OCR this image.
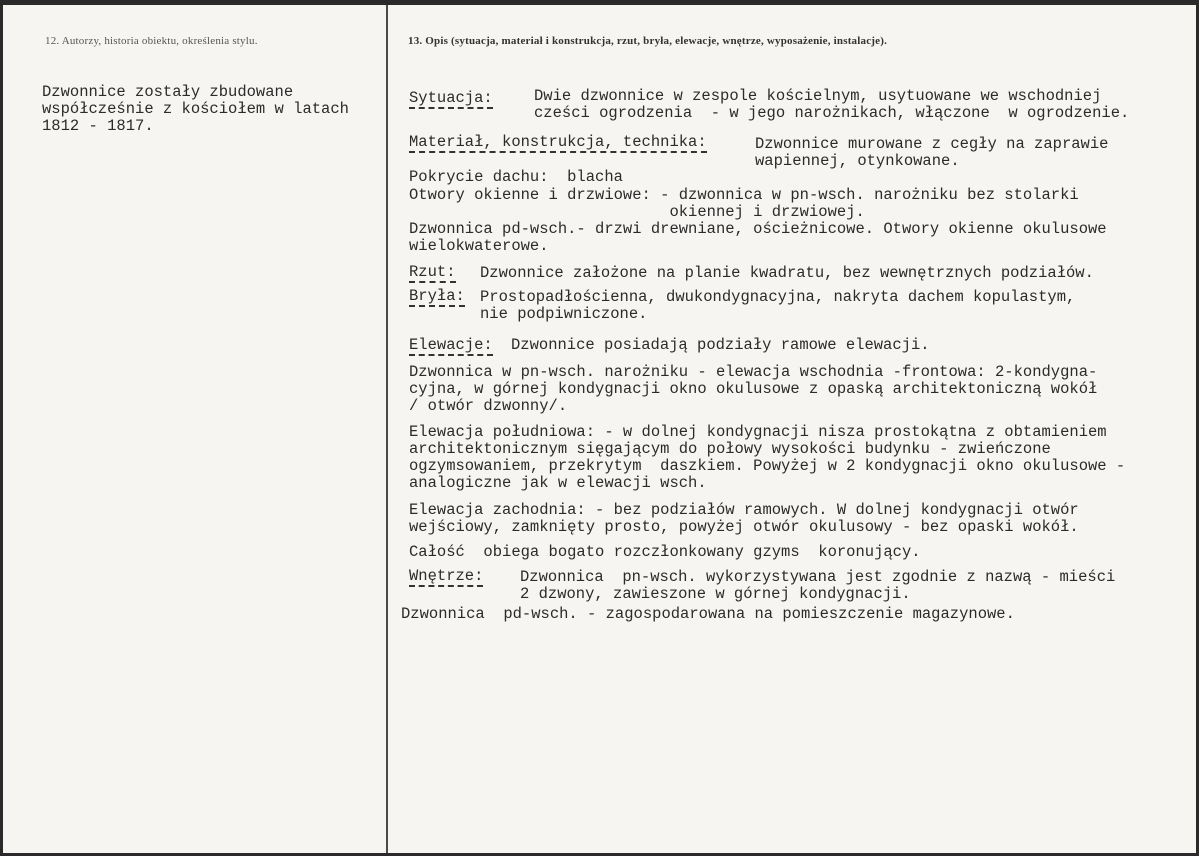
12. Autorzy, historia obiektu, określenia stylu.	13. Opis (sytuacja, materiał i konstrukcja, rzut, bryła, elewacje, wnętrze, wyposażenie, instalacje).

Dzwonnice zostały zbudowane
współcześnie z kościołem w latach
1812 - 1817.

Sytuacja:	Dwie dzwonnice w zespole kościelnym, usytuowane we wschodniej
cześci ogrodzenia  - w jego narożnikach, włączone  w ogrodzenie.

Materiał, konstrukcja, technika:	Dzwonnice murowane z cegły na zaprawie
wapiennej, otynkowane.

Pokrycie dachu:  blacha

Otwory okienne i drzwiowe: - dzwonnica w pn-wsch. narożniku bez stolarki
okiennej i drzwiowej.

Dzwonnica pd-wsch.- drzwi drewniane, ościeżnicowe. Otwory okienne okulusowe
wielokwaterowe.

Rzut: Dzwonnice założone na planie kwadratu, bez wewnętrznych podziałów.

Bryła: Prostopadłościenna, dwukondygnacyjna, nakryta dachem kopulastym,
nie podpiwniczone.

Elewacje: Dzwonnice posiadają podziały ramowe elewacji.

Dzwonnica w pn-wsch. narożniku - elewacja wschodnia -frontowa: 2-kondygna-
cyjna, w górnej kondygnacji okno okulusowe z opaską architektoniczną wokół
/ otwór dzwonny/.

Elewacja południowa: - w dolnej kondygnacji nisza prostokątna z obtamieniem
architektonicznym sięgającym do połowy wysokości budynku - zwieńczone
ogzymsowaniem, przekrytym  daszkiem. Powyżej w 2 kondygnacji okno okulusowe -
analogiczne jak w elewacji wsch.

Elewacja zachodnia: - bez podziałów ramowych. W dolnej kondygnacji otwór
wejściowy, zamknięty prosto, powyżej otwór okulusowy - bez opaski wokół.

Całość  obiega bogato rozczłonkowany gzyms  koronujący.

Wnętrze: Dzwonnica  pn-wsch. wykorzystywana jest zgodnie z nazwą - mieści
2 dzwony, zawieszone w górnej kondygnacji.

Dzwonnica  pd-wsch. - zagospodarowana na pomieszczenie magazynowe.
